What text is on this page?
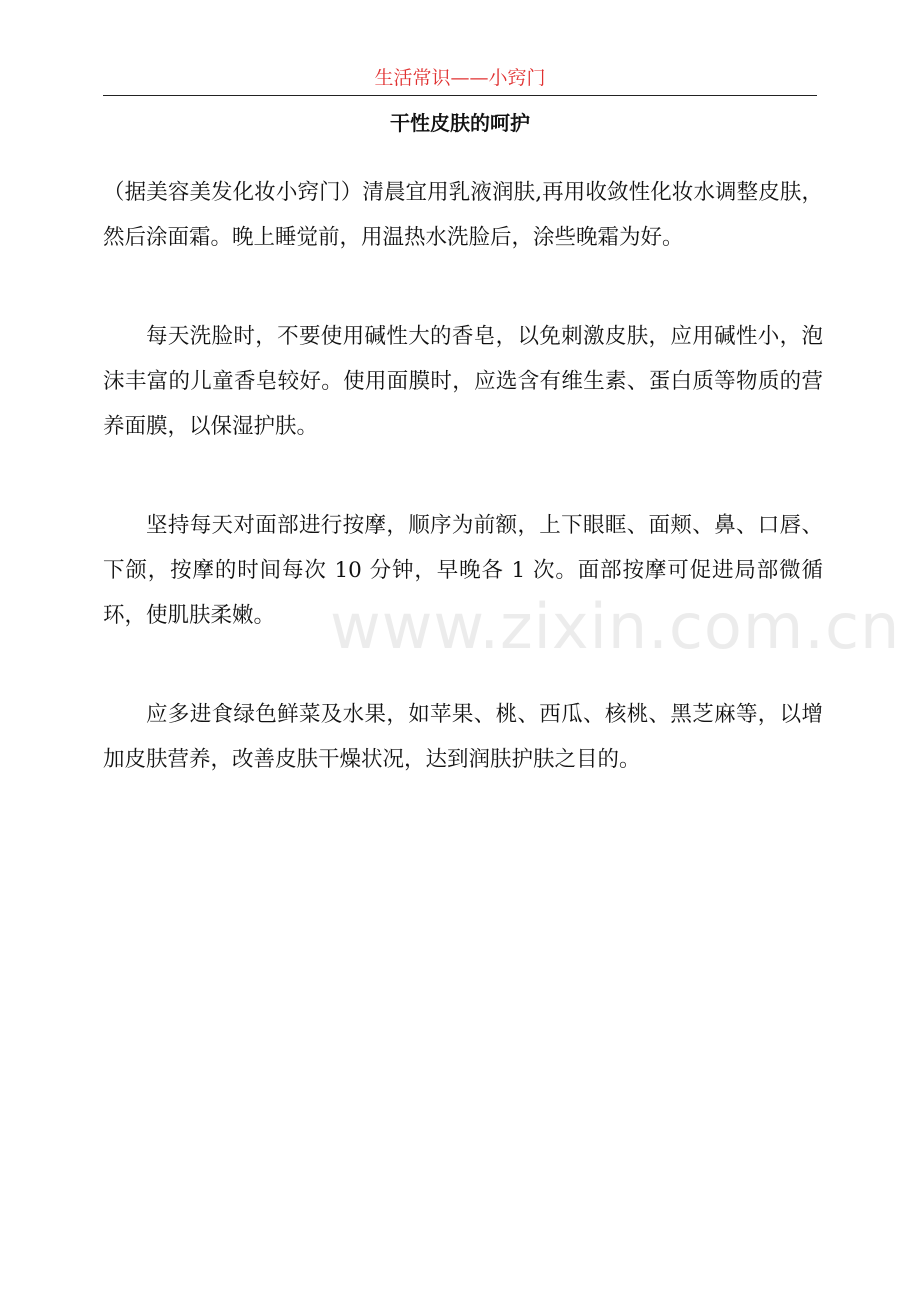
生活常识——小窍门
干性皮肤的呵护

（据美容美发化妆小窍门）清晨宜用乳液润肤,再用收敛性化妆水调整皮肤，然后涂面霜。晚上睡觉前，用温热水洗脸后，涂些晚霜为好。

每天洗脸时，不要使用碱性大的香皂，以免刺激皮肤，应用碱性小，泡沫丰富的儿童香皂较好。使用面膜时，应选含有维生素、蛋白质等物质的营养面膜，以保湿护肤。

坚持每天对面部进行按摩，顺序为前额，上下眼眶、面颊、鼻、口唇、下颌，按摩的时间每次 10 分钟，早晚各 1 次。面部按摩可促进局部微循环，使肌肤柔嫩。

应多进食绿色鲜菜及水果，如苹果、桃、西瓜、核桃、黑芝麻等，以增加皮肤营养，改善皮肤干燥状况，达到润肤护肤之目的。

www.zixin.com.cn
